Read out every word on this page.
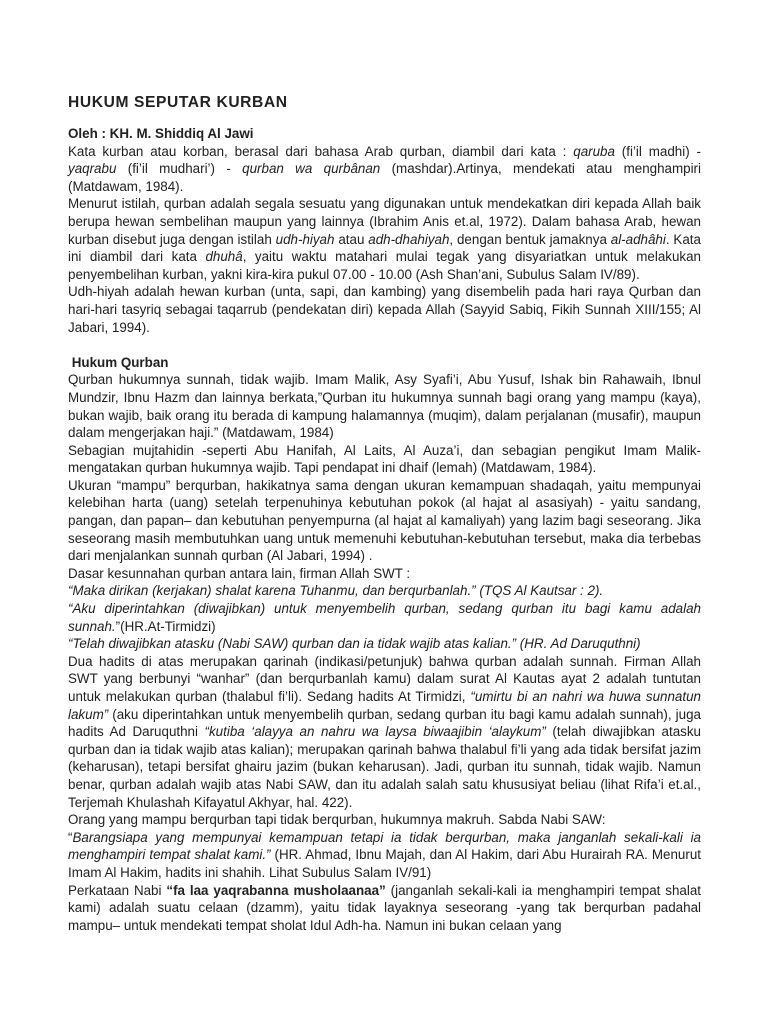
HUKUM SEPUTAR KURBAN

Oleh : KH. M. Shiddiq Al Jawi

Kata kurban atau korban, berasal dari bahasa Arab qurban, diambil dari kata : qaruba (fi’il madhi) - yaqrabu (fi’il mudhari’) - qurban wa qurbânan (mashdar).Artinya, mendekati atau menghampiri (Matdawam, 1984).

Menurut istilah, qurban adalah segala sesuatu yang digunakan untuk mendekatkan diri kepada Allah baik berupa hewan sembelihan maupun yang lainnya (Ibrahim Anis et.al, 1972). Dalam bahasa Arab, hewan kurban disebut juga dengan istilah udh-hiyah atau adh-dhahiyah, dengan bentuk jamaknya al-adhâhi. Kata ini diambil dari kata dhuhâ, yaitu waktu matahari mulai tegak yang disyariatkan untuk melakukan penyembelihan kurban, yakni kira-kira pukul 07.00 - 10.00 (Ash Shan’ani, Subulus Salam IV/89).

Udh-hiyah adalah hewan kurban (unta, sapi, dan kambing) yang disembelih pada hari raya Qurban dan hari-hari tasyriq sebagai taqarrub (pendekatan diri) kepada Allah (Sayyid Sabiq, Fikih Sunnah XIII/155; Al Jabari, 1994).

Hukum Qurban

Qurban hukumnya sunnah, tidak wajib. Imam Malik, Asy Syafi’i, Abu Yusuf, Ishak bin Rahawaih, Ibnul Mundzir, Ibnu Hazm dan lainnya berkata,”Qurban itu hukumnya sunnah bagi orang yang mampu (kaya), bukan wajib, baik orang itu berada di kampung halamannya (muqim), dalam perjalanan (musafir), maupun dalam mengerjakan haji.” (Matdawam, 1984)

Sebagian mujtahidin -seperti Abu Hanifah, Al Laits, Al Auza’i, dan sebagian pengikut Imam Malik- mengatakan qurban hukumnya wajib. Tapi pendapat ini dhaif (lemah) (Matdawam, 1984).

Ukuran “mampu” berqurban, hakikatnya sama dengan ukuran kemampuan shadaqah, yaitu mempunyai kelebihan harta (uang) setelah terpenuhinya kebutuhan pokok (al hajat al asasiyah) - yaitu sandang, pangan, dan papan– dan kebutuhan penyempurna (al hajat al kamaliyah) yang lazim bagi seseorang. Jika seseorang masih membutuhkan uang untuk memenuhi kebutuhan-kebutuhan tersebut, maka dia terbebas dari menjalankan sunnah qurban (Al Jabari, 1994) .

Dasar kesunnahan qurban antara lain, firman Allah SWT :

“Maka dirikan (kerjakan) shalat karena Tuhanmu, dan berqurbanlah.” (TQS Al Kautsar : 2).

“Aku diperintahkan (diwajibkan) untuk menyembelih qurban, sedang qurban itu bagi kamu adalah sunnah.”(HR.At-Tirmidzi)

“Telah diwajibkan atasku (Nabi SAW) qurban dan ia tidak wajib atas kalian.” (HR. Ad Daruquthni)

Dua hadits di atas merupakan qarinah (indikasi/petunjuk) bahwa qurban adalah sunnah. Firman Allah SWT yang berbunyi “wanhar” (dan berqurbanlah kamu) dalam surat Al Kautas ayat 2 adalah tuntutan untuk melakukan qurban (thalabul fi’li). Sedang hadits At Tirmidzi, “umirtu bi an nahri wa huwa sunnatun lakum” (aku diperintahkan untuk menyembelih qurban, sedang qurban itu bagi kamu adalah sunnah), juga hadits Ad Daruquthni “kutiba ‘alayya an nahru wa laysa biwaajibin ‘alaykum” (telah diwajibkan atasku qurban dan ia tidak wajib atas kalian); merupakan qarinah bahwa thalabul fi’li yang ada tidak bersifat jazim (keharusan), tetapi bersifat ghairu jazim (bukan keharusan). Jadi, qurban itu sunnah, tidak wajib. Namun benar, qurban adalah wajib atas Nabi SAW, dan itu adalah salah satu khususiyat beliau (lihat Rifa’i et.al., Terjemah Khulashah Kifayatul Akhyar, hal. 422).

Orang yang mampu berqurban tapi tidak berqurban, hukumnya makruh. Sabda Nabi SAW:

“Barangsiapa yang mempunyai kemampuan tetapi ia tidak berqurban, maka janganlah sekali-kali ia menghampiri tempat shalat kami.” (HR. Ahmad, Ibnu Majah, dan Al Hakim, dari Abu Hurairah RA. Menurut Imam Al Hakim, hadits ini shahih. Lihat Subulus Salam IV/91)

Perkataan Nabi “fa laa yaqrabanna musholaanaa” (janganlah sekali-kali ia menghampiri tempat shalat kami) adalah suatu celaan (dzamm), yaitu tidak layaknya seseorang -yang tak berqurban padahal mampu– untuk mendekati tempat sholat Idul Adh-ha. Namun ini bukan celaan yang
